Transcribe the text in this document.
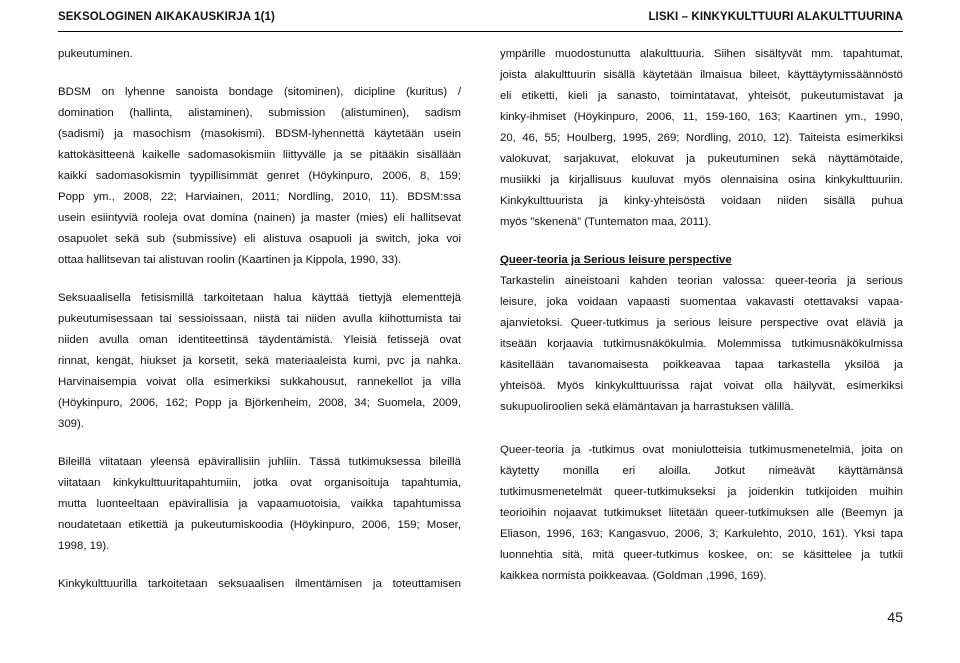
SEKSOLOGINEN AIKAKAUSKIRJA 1(1)	LISKI – KINKYKULTTUURI ALAKULTTUURINA
pukeutuminen.
BDSM on lyhenne sanoista bondage (sitominen), dicipline (kuritus) /
domination (hallinta, alistaminen), submission (alistuminen), sadism
(sadismi) ja masochism (masokismi). BDSM-lyhennettä käytetään usein
kattokäsitteenä kaikelle sadomasokismiin liittyvälle ja se pitääkin sisällään
kaikki sadomasokismin tyypillisimmät genret (Höykinpuro, 2006, 8, 159;
Popp ym., 2008, 22; Harviainen, 2011; Nordling, 2010, 11). BDSM:ssa
usein esiintyviä rooleja ovat domina (nainen) ja master (mies) eli hallitsevat
osapuolet sekä sub (submissive) eli alistuva osapuoli ja switch, joka voi
ottaa hallitsevan tai alistuvan roolin (Kaartinen ja Kippola, 1990, 33).
Seksuaalisella fetisismillä tarkoitetaan halua käyttää tiettyjä elementtejä
pukeutumisessaan tai sessioissaan, niistä tai niiden avulla kiihottumista tai
niiden avulla oman identiteettinsä täydentämistä. Yleisiä fetissejä ovat
rinnat, kengät, hiukset ja korsetit, sekä materiaaleista kumi, pvc ja nahka.
Harvinaisempia voivat olla esimerkiksi sukkahousut, rannekellot ja villa
(Höykinpuro, 2006, 162; Popp ja Björkenheim, 2008, 34; Suomela, 2009,
309).
Bileillä viitataan yleensä epävirallisiin juhliin. Tässä tutkimuksessa bileillä
viitataan kinkykulttuuritapahtumiin, jotka ovat organisoituja tapahtumia,
mutta luonteeltaan epävirallisia ja vapaamuotoisia, vaikka tapahtumissa
noudatetaan etikettiä ja pukeutumiskoodia (Höykinpuro, 2006, 159; Moser,
1998, 19).
Kinkykulttuurilla tarkoitetaan seksuaalisen ilmentämisen ja toteuttamisen
ympärille muodostunutta alakulttuuria. Siihen sisältyvät mm. tapahtumat,
joista alakulttuurin sisällä käytetään ilmaisua bileet, käyttäytymissäännöstö
eli etiketti, kieli ja sanasto, toimintatavat, yhteisöt, pukeutumistavat ja
kinky-ihmiset (Höykinpuro, 2006, 11, 159-160, 163; Kaartinen ym., 1990,
20, 46, 55; Houlberg, 1995, 269; Nordling, 2010, 12). Taiteista esimerkiksi
valokuvat, sarjakuvat, elokuvat ja pukeutuminen sekä näyttämötaide,
musiikki ja kirjallisuus kuuluvat myös olennaisina osina kinkykulttuuriin.
Kinkykulttuurista ja kinky-yhteisöstä voidaan niiden sisällä puhua
myös ”skenenä” (Tuntematon maa, 2011).
Queer-teoria ja Serious leisure perspective
Tarkastelin aineistoani kahden teorian valossa: queer-teoria ja serious
leisure, joka voidaan vapaasti suomentaa vakavasti otettavaksi vapaa-
ajanvietoksi. Queer-tutkimus ja serious leisure perspective ovat eläviä ja
itseään korjaavia tutkimusnäkökulmia. Molemmissa tutkimusnäkökulmissa
käsitellään tavanomaisesta poikkeavaa tapaa tarkastella yksilöä ja
yhteisöä. Myös kinkykulttuurissa rajat voivat olla häilyvät, esimerkiksi
sukupuoliroolien sekä elämäntavan ja harrastuksen välillä.
Queer-teoria ja -tutkimus ovat moniulotteisia tutkimusmenetelmiä, joita on
käytetty monilla eri aloilla. Jotkut nimeävät käyttämänsä
tutkimusmenetelmät queer-tutkimukseksi ja joidenkin tutkijoiden muihin
teorioihin nojaavat tutkimukset liitetään queer-tutkimuksen alle (Beemyn ja
Eliason, 1996, 163; Kangasvuo, 2006, 3; Karkulehto, 2010, 161). Yksi tapa
luonnehtia sitä, mitä queer-tutkimus koskee, on: se käsittelee ja tutkii
kaikkea normista poikkeavaa. (Goldman ,1996, 169).
45
